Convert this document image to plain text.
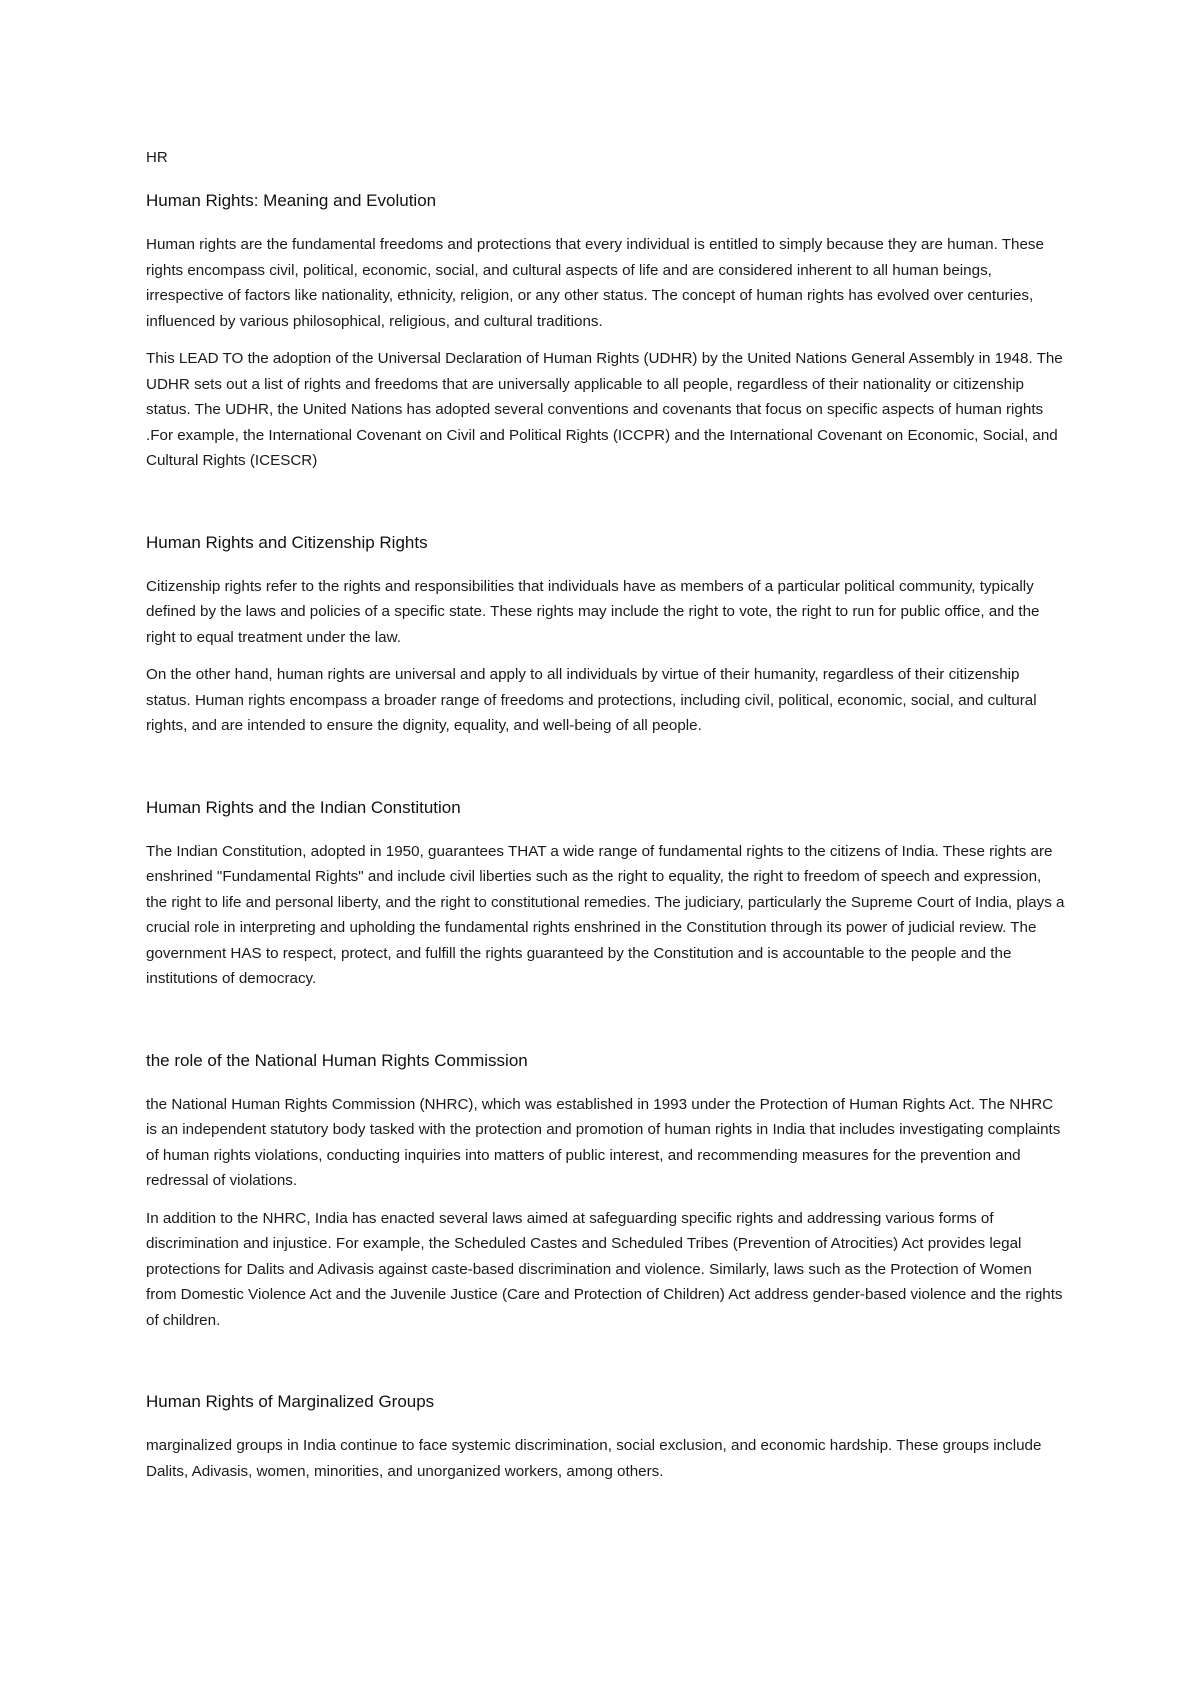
HR
Human Rights: Meaning and Evolution

Human rights are the fundamental freedoms and protections that every individual is entitled to simply because they are human. These rights encompass civil, political, economic, social, and cultural aspects of life and are considered inherent to all human beings, irrespective of factors like nationality, ethnicity, religion, or any other status. The concept of human rights has evolved over centuries, influenced by various philosophical, religious, and cultural traditions.

This LEAD TO the adoption of the Universal Declaration of Human Rights (UDHR) by the United Nations General Assembly in 1948. The UDHR sets out a list of rights and freedoms that are universally applicable to all people, regardless of their nationality or citizenship status. The UDHR, the United Nations has adopted several conventions and covenants that focus on specific aspects of human rights .For example, the International Covenant on Civil and Political Rights (ICCPR) and the International Covenant on Economic, Social, and Cultural Rights (ICESCR)

Human Rights and Citizenship Rights

Citizenship rights refer to the rights and responsibilities that individuals have as members of a particular political community, typically defined by the laws and policies of a specific state. These rights may include the right to vote, the right to run for public office, and the right to equal treatment under the law.

On the other hand, human rights are universal and apply to all individuals by virtue of their humanity, regardless of their citizenship status. Human rights encompass a broader range of freedoms and protections, including civil, political, economic, social, and cultural rights, and are intended to ensure the dignity, equality, and well-being of all people.

Human Rights and the Indian Constitution

The Indian Constitution, adopted in 1950, guarantees THAT a wide range of fundamental rights to the citizens of India. These rights are enshrined "Fundamental Rights" and include civil liberties such as the right to equality, the right to freedom of speech and expression, the right to life and personal liberty, and the right to constitutional remedies. The judiciary, particularly the Supreme Court of India, plays a crucial role in interpreting and upholding the fundamental rights enshrined in the Constitution through its power of judicial review. The government HAS to respect, protect, and fulfill the rights guaranteed by the Constitution and is accountable to the people and the institutions of democracy.

the role of the National Human Rights Commission

the National Human Rights Commission (NHRC), which was established in 1993 under the Protection of Human Rights Act. The NHRC is an independent statutory body tasked with the protection and promotion of human rights in India that includes investigating complaints of human rights violations, conducting inquiries into matters of public interest, and recommending measures for the prevention and redressal of violations.

In addition to the NHRC, India has enacted several laws aimed at safeguarding specific rights and addressing various forms of discrimination and injustice. For example, the Scheduled Castes and Scheduled Tribes (Prevention of Atrocities) Act provides legal protections for Dalits and Adivasis against caste-based discrimination and violence. Similarly, laws such as the Protection of Women from Domestic Violence Act and the Juvenile Justice (Care and Protection of Children) Act address gender-based violence and the rights of children.

Human Rights of Marginalized Groups

marginalized groups in India continue to face systemic discrimination, social exclusion, and economic hardship. These groups include Dalits, Adivasis, women, minorities, and unorganized workers, among others.
